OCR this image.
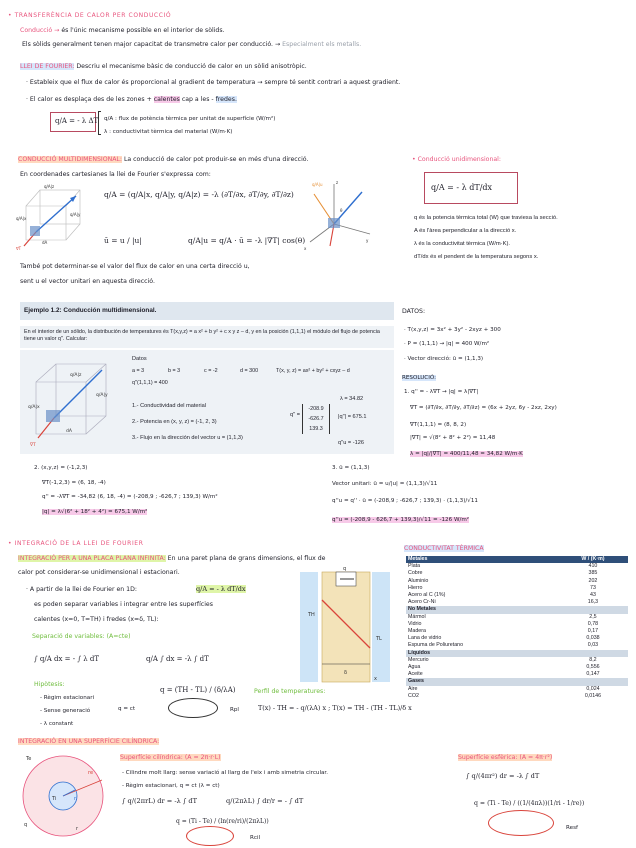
• TRANSFERÈNCIA DE CALOR PER CONDUCCIÓ
Conducció → és l'únic mecanisme possible en el interior de sòlids.
Els sòlids generalment tenen major capacitat de transmetre calor per conducció. → Especialment els metalls.
LLEI DE FOURIER: Descriu el mecanisme bàsic de conducció de calor en un sòlid anisotròpic.
· Estableix que el flux de calor és proporcional al gradient de temperatura → sempre té sentit contrari a aquest gradient.
· El calor es desplaça des de les zones + calentes cap a les - fredes.
q/A = - λ ΔT q/A : flux de potència tèrmica per unitat de superfície (W/m²)
λ : conductivitat tèrmica del material (W/m·K)
CONDUCCIÓ MULTIDIMENSIONAL: La conducció de calor pot produir-se en més d'una direcció.
En coordenades cartesianes la llei de Fourier s'expressa com:
q/A|z
q/A|y
q/A|x
dA
∇T
q/A = (q/A|x, q/A|y, q/A|z) = -λ (∂T/∂x, ∂T/∂y, ∂T/∂z)
ū = u / |u|	q/A|u = q/A · ū = -λ |∇T| cos(θ)
q/A|u
x
y
z
θ
També pot determinar-se el valor del flux de calor en una certa direcció u,
sent u el vector unitari en aquesta direcció.
• Conducció unidimensional:
q/A = - λ dT/dx
q és la potencia tèrmica total (W) que traviesa la secció.
A és l'àrea perpendicular a la direcció x.
λ és la conductivitat tèrmica (W/m·K).
dT/dx és el pendent de la temperatura segons x.
Ejemplo 1.2: Conducción multidimensional.
En el interior de un sólido, la distribución de temperatures és T(x,y,z) = a x² + b y² + c x y z – d, y en la posición (1,1,1) el módulo del flujo de potencia tiene un valor q''. Calcular:
q/A|z
q/A|y
q/A|x
dA
∇T
Datos
a = 3	b = 3	c = -2	d = 300	T(x, y, z) = ax² + by² + cxyz – d
q''(1,1,1) = 400
1.- Conductividad del material
2.- Potencia en (x, y, z) = (-1, 2, 3)
3.- Flujo en la dirección del vector u = (1,1,3)
λ = 34.82
q'' =
-208.9
-626.7
139.3
|q''| = 675.1
q''u = -126
DATOS:
· T(x,y,z) = 3x² + 3y² - 2xyz + 300
· P = (1,1,1) → |q| = 400 W/m²
· Vector direcció: ū = (1,1,3)
RESOLUCIÓ:
1. q'' = - λ∇T → |q| = λ|∇T|
∇T = (∂T/∂x, ∂T/∂y, ∂T/∂z) = (6x + 2yz, 6y - 2xz, 2xy)
∇T(1,1,1) = (8, 8, 2)
|∇T| = √(8² + 8² + 2²) = 11,48
λ = |q|/|∇T| = 400/11,48 = 34,82 W/m·K
2. (x,y,z) = (-1,2,3)
∇T(-1,2,3) = (6, 18, -4)
q'' = -λ∇T = -34,82 (6, 18, -4) = (-208,9 ; -626,7 ; 139,3) W/m²
|q| = λ√(6² + 18² + 4²) = 675,1 W/m²
3. ū = (1,1,3)
Vector unitari: ū = u/|u| = (1,1,3)/√11
q''u = q'' · ū = (-208,9 ; -626,7 ; 139,3) · (1,1,3)/√11
q''u = (-208,9 - 626,7 + 139,3)/√11 = -126 W/m²
• INTEGRACIÓ DE LA LLEI DE FOURIER
INTEGRACIÓ PER A UNA PLACA PLANA INFINITA: En una paret plana de grans dimensions, el flux de
calor pot considerar-se unidimensional i estacionari.
· A partir de la llei de Fourier en 1D:	q/A = - λ dT/dx
es poden separar variables i integrar entre les superfícies
calentes (x=0, T=TH) i fredes (x=δ, TL):
Separació de variables: (A=cte)
∫ q/A dx = - ∫ λ dT	q/A ∫ dx = -λ ∫ dT
Hipòtesis:
- Règim estacionari
- Sense generació
- λ constant
q = ct
q = (TH - TL) / (δ/λA)
Rpl
Perfil de temperatures:
T(x) - TH = - q/(λA) x ; T(x) = TH - (TH - TL)/δ x
q
TH
TL
δ
x
CONDUCTIVITAT TÈRMICA
Metales	W / (K·m)
Plata	410
Cobre	385
Aluminio	202
Hierro	73
Acero al C (1%)	43
Acero Cr-Ni	16,3
No Metales	
Mármol	2,5
Vidrio	0,78
Madera	0,17
Lana de vidrio	0,038
Espuma de Poliuretano	0,03
Líquidos	
Mercurio	8,2
Agua	0,556
Aceite	0,147
Gases	
Aire	0,024
CO2	0,0146
INTEGRACIÓ EN UNA SUPERFÍCIE CILÍNDRICA:
ri
re
Ti
Te
r
q
Superfície cilíndrica: (A = 2π·r·L)
- Cilindre molt llarg: sense variació al llarg de l'eix i amb simetria circular.
- Règim estacionari, q = ct (λ = ct)
∫ q/(2πrL) dr = -λ ∫ dT	q/(2πλL) ∫ dr/r = - ∫ dT
q = (Ti - Te) / (ln(re/ri)/(2πλL))
Rcil
Superfície esfèrica: (A = 4π·r²)
∫ q/(4πr²) dr = -λ ∫ dT
q = (Ti - Te) / ((1/(4πλ))(1/ri - 1/re))
Resf
